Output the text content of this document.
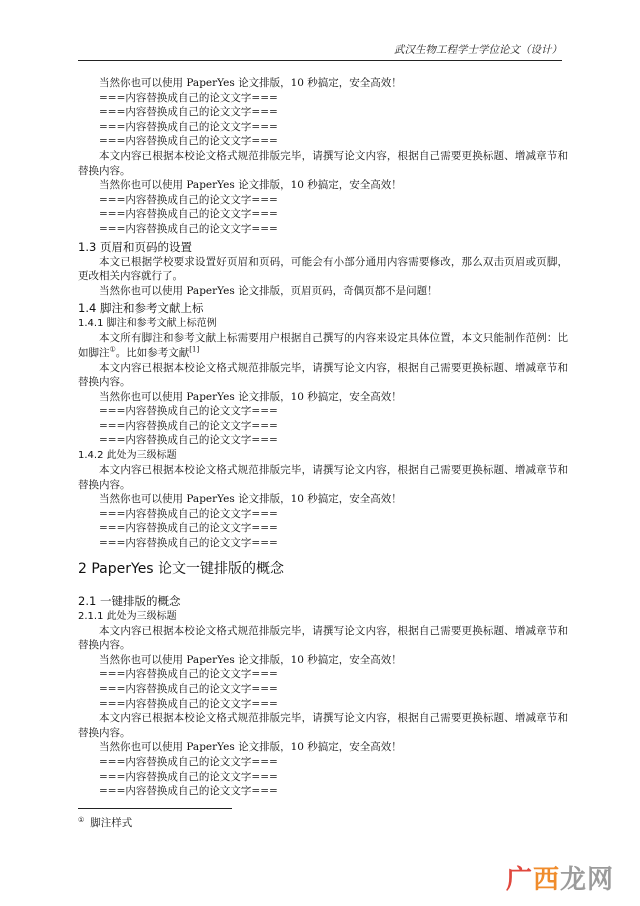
武汉生物工程学士学位论文（设计）

当然你也可以使用 PaperYes 论文排版，10 秒搞定，安全高效！

===内容替换成自己的论文文字===

===内容替换成自己的论文文字===

===内容替换成自己的论文文字===

===内容替换成自己的论文文字===

本文内容已根据本校论文格式规范排版完毕，请撰写论文内容，根据自己需要更换标题、增减章节和替换内容。

当然你也可以使用 PaperYes 论文排版，10 秒搞定，安全高效！

===内容替换成自己的论文文字===

===内容替换成自己的论文文字===

===内容替换成自己的论文文字===

1.3 页眉和页码的设置

本文已根据学校要求设置好页眉和页码，可能会有小部分通用内容需要修改，那么双击页眉或页脚，更改相关内容就行了。

当然你也可以使用 PaperYes 论文排版，页眉页码，奇偶页都不是问题！

1.4 脚注和参考文献上标
1.4.1 脚注和参考文献上标范例

本文所有脚注和参考文献上标需要用户根据自己撰写的内容来设定具体位置，本文只能制作范例：比如脚注①。比如参考文献[1]

本文内容已根据本校论文格式规范排版完毕，请撰写论文内容，根据自己需要更换标题、增减章节和替换内容。

当然你也可以使用 PaperYes 论文排版，10 秒搞定，安全高效！

===内容替换成自己的论文文字===

===内容替换成自己的论文文字===

===内容替换成自己的论文文字===

1.4.2 此处为三级标题

本文内容已根据本校论文格式规范排版完毕，请撰写论文内容，根据自己需要更换标题、增减章节和替换内容。

当然你也可以使用 PaperYes 论文排版，10 秒搞定，安全高效！

===内容替换成自己的论文文字===

===内容替换成自己的论文文字===

===内容替换成自己的论文文字===

2 PaperYes 论文一键排版的概念
2.1 一键排版的概念
2.1.1 此处为三级标题

本文内容已根据本校论文格式规范排版完毕，请撰写论文内容，根据自己需要更换标题、增减章节和替换内容。

当然你也可以使用 PaperYes 论文排版，10 秒搞定，安全高效！

===内容替换成自己的论文文字===

===内容替换成自己的论文文字===

===内容替换成自己的论文文字===

本文内容已根据本校论文格式规范排版完毕，请撰写论文内容，根据自己需要更换标题、增减章节和替换内容。

当然你也可以使用 PaperYes 论文排版，10 秒搞定，安全高效！

===内容替换成自己的论文文字===

===内容替换成自己的论文文字===

===内容替换成自己的论文文字===

① 脚注样式
广西龙网
